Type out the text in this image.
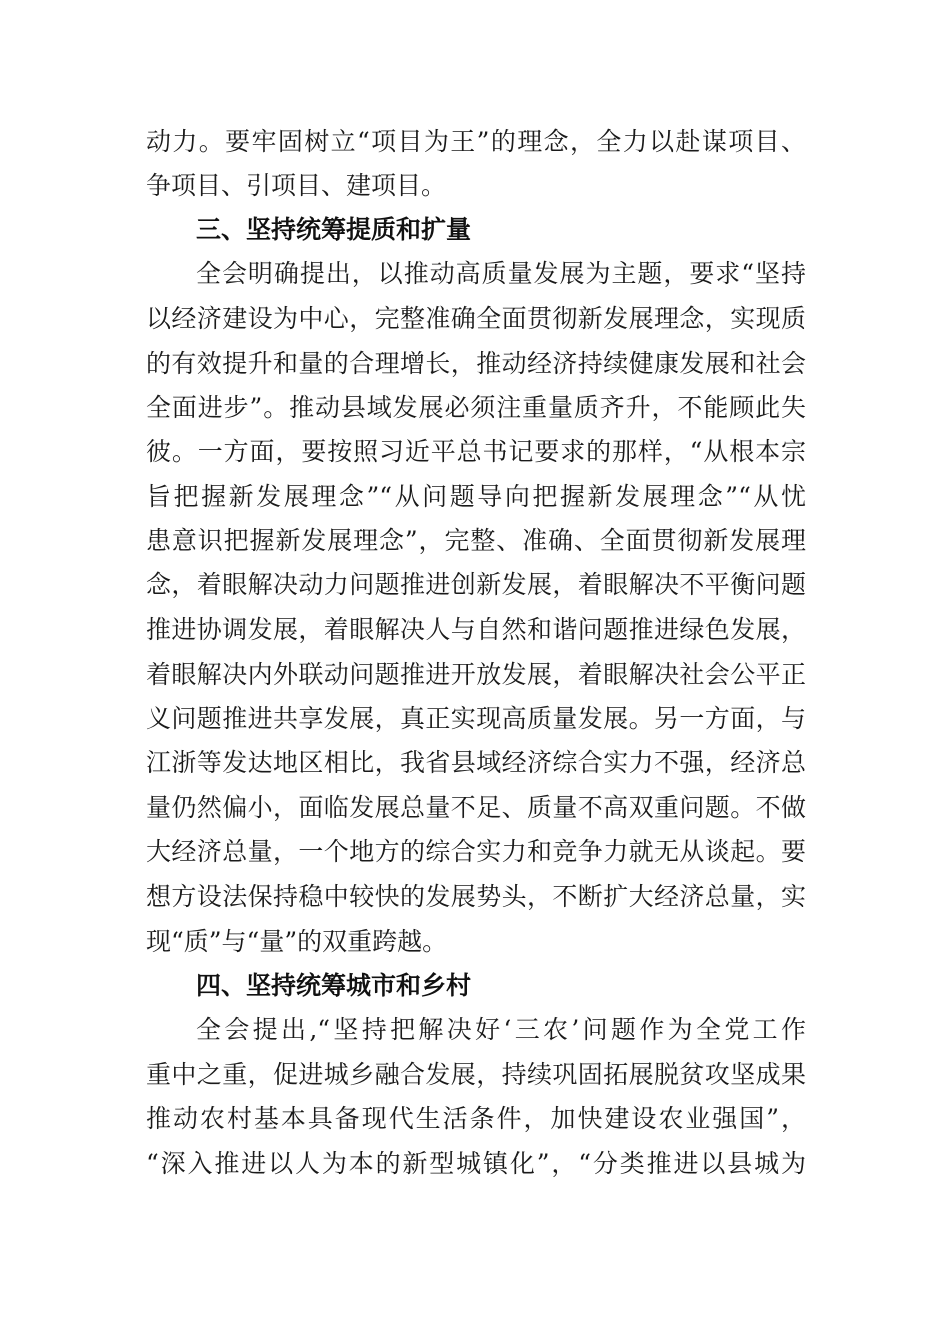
动力。要牢固树立“项目为王”的理念，全力以赴谋项目、
争项目、引项目、建项目。
三、坚持统筹提质和扩量
全会明确提出，以推动高质量发展为主题，要求“坚持
以经济建设为中心，完整准确全面贯彻新发展理念，实现质
的有效提升和量的合理增长，推动经济持续健康发展和社会
全面进步”。推动县域发展必须注重量质齐升，不能顾此失
彼。一方面，要按照习近平总书记要求的那样，“从根本宗
旨把握新发展理念”“从问题导向把握新发展理念”“从忧
患意识把握新发展理念”，完整、准确、全面贯彻新发展理
念，着眼解决动力问题推进创新发展，着眼解决不平衡问题
推进协调发展，着眼解决人与自然和谐问题推进绿色发展，
着眼解决内外联动问题推进开放发展，着眼解决社会公平正
义问题推进共享发展，真正实现高质量发展。另一方面，与
江浙等发达地区相比，我省县域经济综合实力不强，经济总
量仍然偏小，面临发展总量不足、质量不高双重问题。不做
大经济总量，一个地方的综合实力和竞争力就无从谈起。要
想方设法保持稳中较快的发展势头，不断扩大经济总量，实
现“质”与“量”的双重跨越。
四、坚持统筹城市和乡村
全会提出,“坚持把解决好‘三农’问题作为全党工作
重中之重，促进城乡融合发展，持续巩固拓展脱贫攻坚成果
推动农村基本具备现代生活条件，加快建设农业强国”，
“深入推进以人为本的新型城镇化”，“分类推进以县城为
